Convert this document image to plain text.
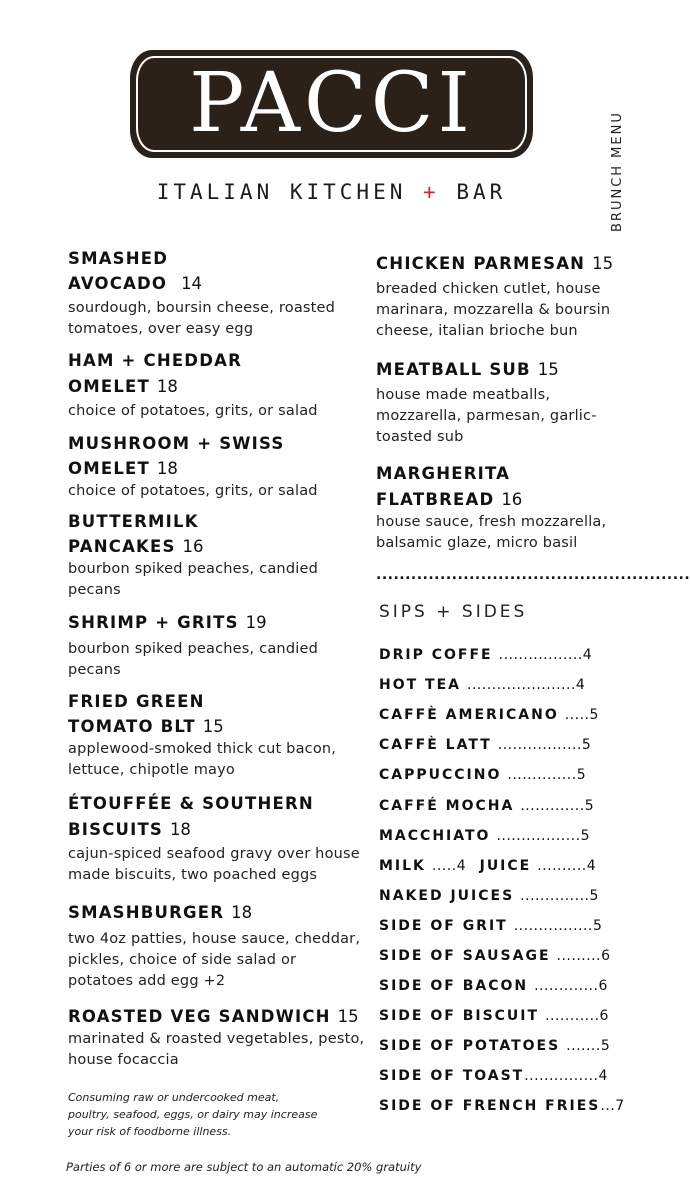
PACCI
ITALIAN KITCHEN + BAR	BRUNCH MENU
SMASHED
AVOCADO 14
sourdough, boursin cheese, roasted
tomatoes, over easy egg
HAM + CHEDDAR
OMELET 18
choice of potatoes, grits, or salad
MUSHROOM + SWISS
OMELET 18
choice of potatoes, grits, or salad
BUTTERMILK
PANCAKES 16
bourbon spiked peaches, candied
pecans
SHRIMP + GRITS 19
bourbon spiked peaches, candied
pecans
FRIED GREEN
TOMATO BLT 15
applewood-smoked thick cut bacon,
lettuce, chipotle mayo
ÉTOUFFÉE & SOUTHERN
BISCUITS 18
cajun-spiced seafood gravy over house
made biscuits, two poached eggs
SMASHBURGER 18
two 4oz patties, house sauce, cheddar,
pickles, choice of side salad or
potatoes add egg +2
ROASTED VEG SANDWICH 15
marinated & roasted vegetables, pesto,
house focaccia
Consuming raw or undercooked meat,
poultry, seafood, eggs, or dairy may increase
your risk of foodborne illness.
CHICKEN PARMESAN 15
breaded chicken cutlet, house
marinara, mozzarella & boursin
cheese, italian brioche bun
MEATBALL SUB 15
house made meatballs,
mozzarella, parmesan, garlic-
toasted sub
MARGHERITA
FLATBREAD 16
house sauce, fresh mozzarella,
balsamic glaze, micro basil
......................................................
SIPS + SIDES
DRIP COFFE ................. 4
HOT TEA ...................... 4
CAFFÈ AMERICANO ..... 5
CAFFÈ LATT ................. 5
CAPPUCCINO .............. 5
CAFFÉ MOCHA ............. 5
MACCHIATO ................. 5
MILK ..... 4 JUICE .......... 4
NAKED JUICES .............. 5
SIDE OF GRIT ................ 5
SIDE OF SAUSAGE ......... 6
SIDE OF BACON ............. 6
SIDE OF BISCUIT ........... 6
SIDE OF POTATOES ....... 5
SIDE OF TOAST ............... 4
SIDE OF FRENCH FRIES ... 7
Parties of 6 or more are subject to an automatic 20% gratuity
